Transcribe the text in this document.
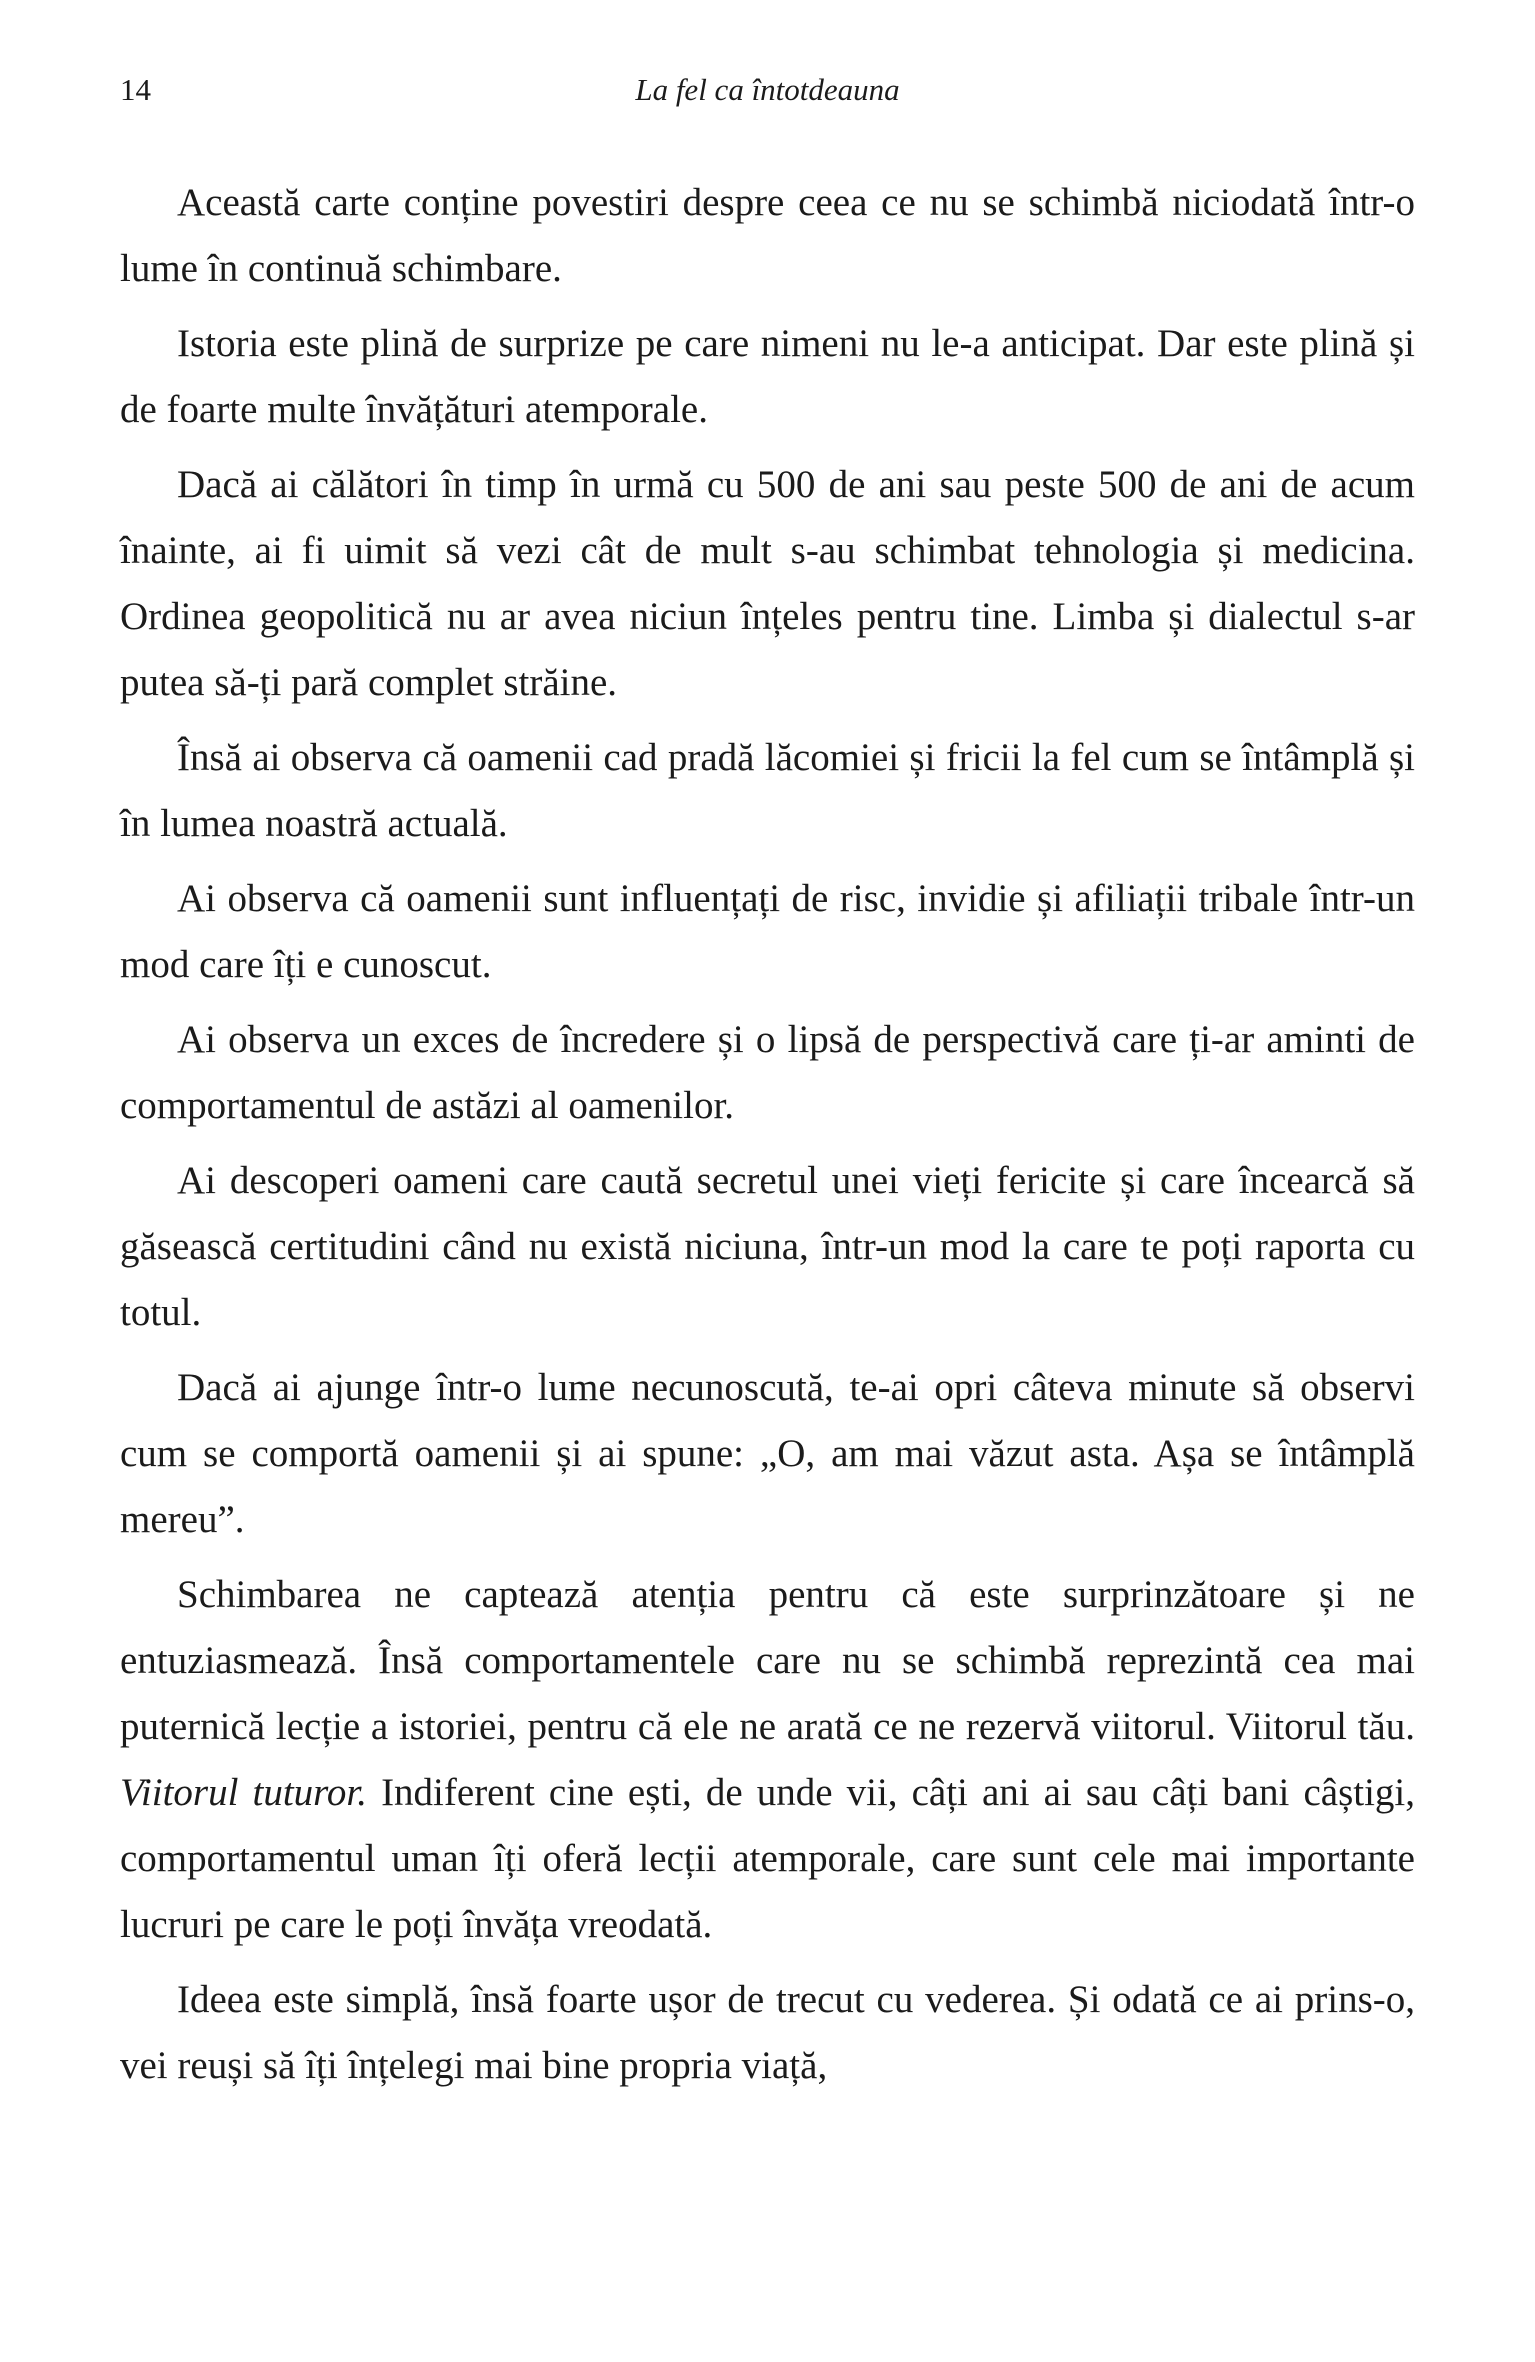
14	La fel ca întotdeauna

Această carte conține povestiri despre ceea ce nu se schimbă niciodată într-o lume în continuă schimbare.

Istoria este plină de surprize pe care nimeni nu le-a anticipat. Dar este plină și de foarte multe învățături atemporale.

Dacă ai călători în timp în urmă cu 500 de ani sau peste 500 de ani de acum înainte, ai fi uimit să vezi cât de mult s-au schimbat tehnologia și medicina. Ordinea geopolitică nu ar avea niciun înțeles pentru tine. Limba și dialectul s-ar putea să-ți pară complet străine.

Însă ai observa că oamenii cad pradă lăcomiei și fricii la fel cum se întâmplă și în lumea noastră actuală.

Ai observa că oamenii sunt influențați de risc, invidie și afiliații tribale într-un mod care îți e cunoscut.

Ai observa un exces de încredere și o lipsă de perspectivă care ți-ar aminti de comportamentul de astăzi al oamenilor.

Ai descoperi oameni care caută secretul unei vieți fericite și care încearcă să găsească certitudini când nu există niciuna, într-un mod la care te poți raporta cu totul.

Dacă ai ajunge într-o lume necunoscută, te-ai opri câteva minute să observi cum se comportă oamenii și ai spune: „O, am mai văzut asta. Așa se întâmplă mereu”.

Schimbarea ne captează atenția pentru că este surprinzătoare și ne entuziasmează. Însă comportamentele care nu se schimbă reprezintă cea mai puternică lecție a istoriei, pentru că ele ne arată ce ne rezervă viitorul. Viitorul tău. Viitorul tuturor. Indiferent cine ești, de unde vii, câți ani ai sau câți bani câștigi, comportamentul uman îți oferă lecții atemporale, care sunt cele mai importante lucruri pe care le poți învăța vreodată.

Ideea este simplă, însă foarte ușor de trecut cu vederea. Și odată ce ai prins-o, vei reuși să îți înțelegi mai bine propria viață,
